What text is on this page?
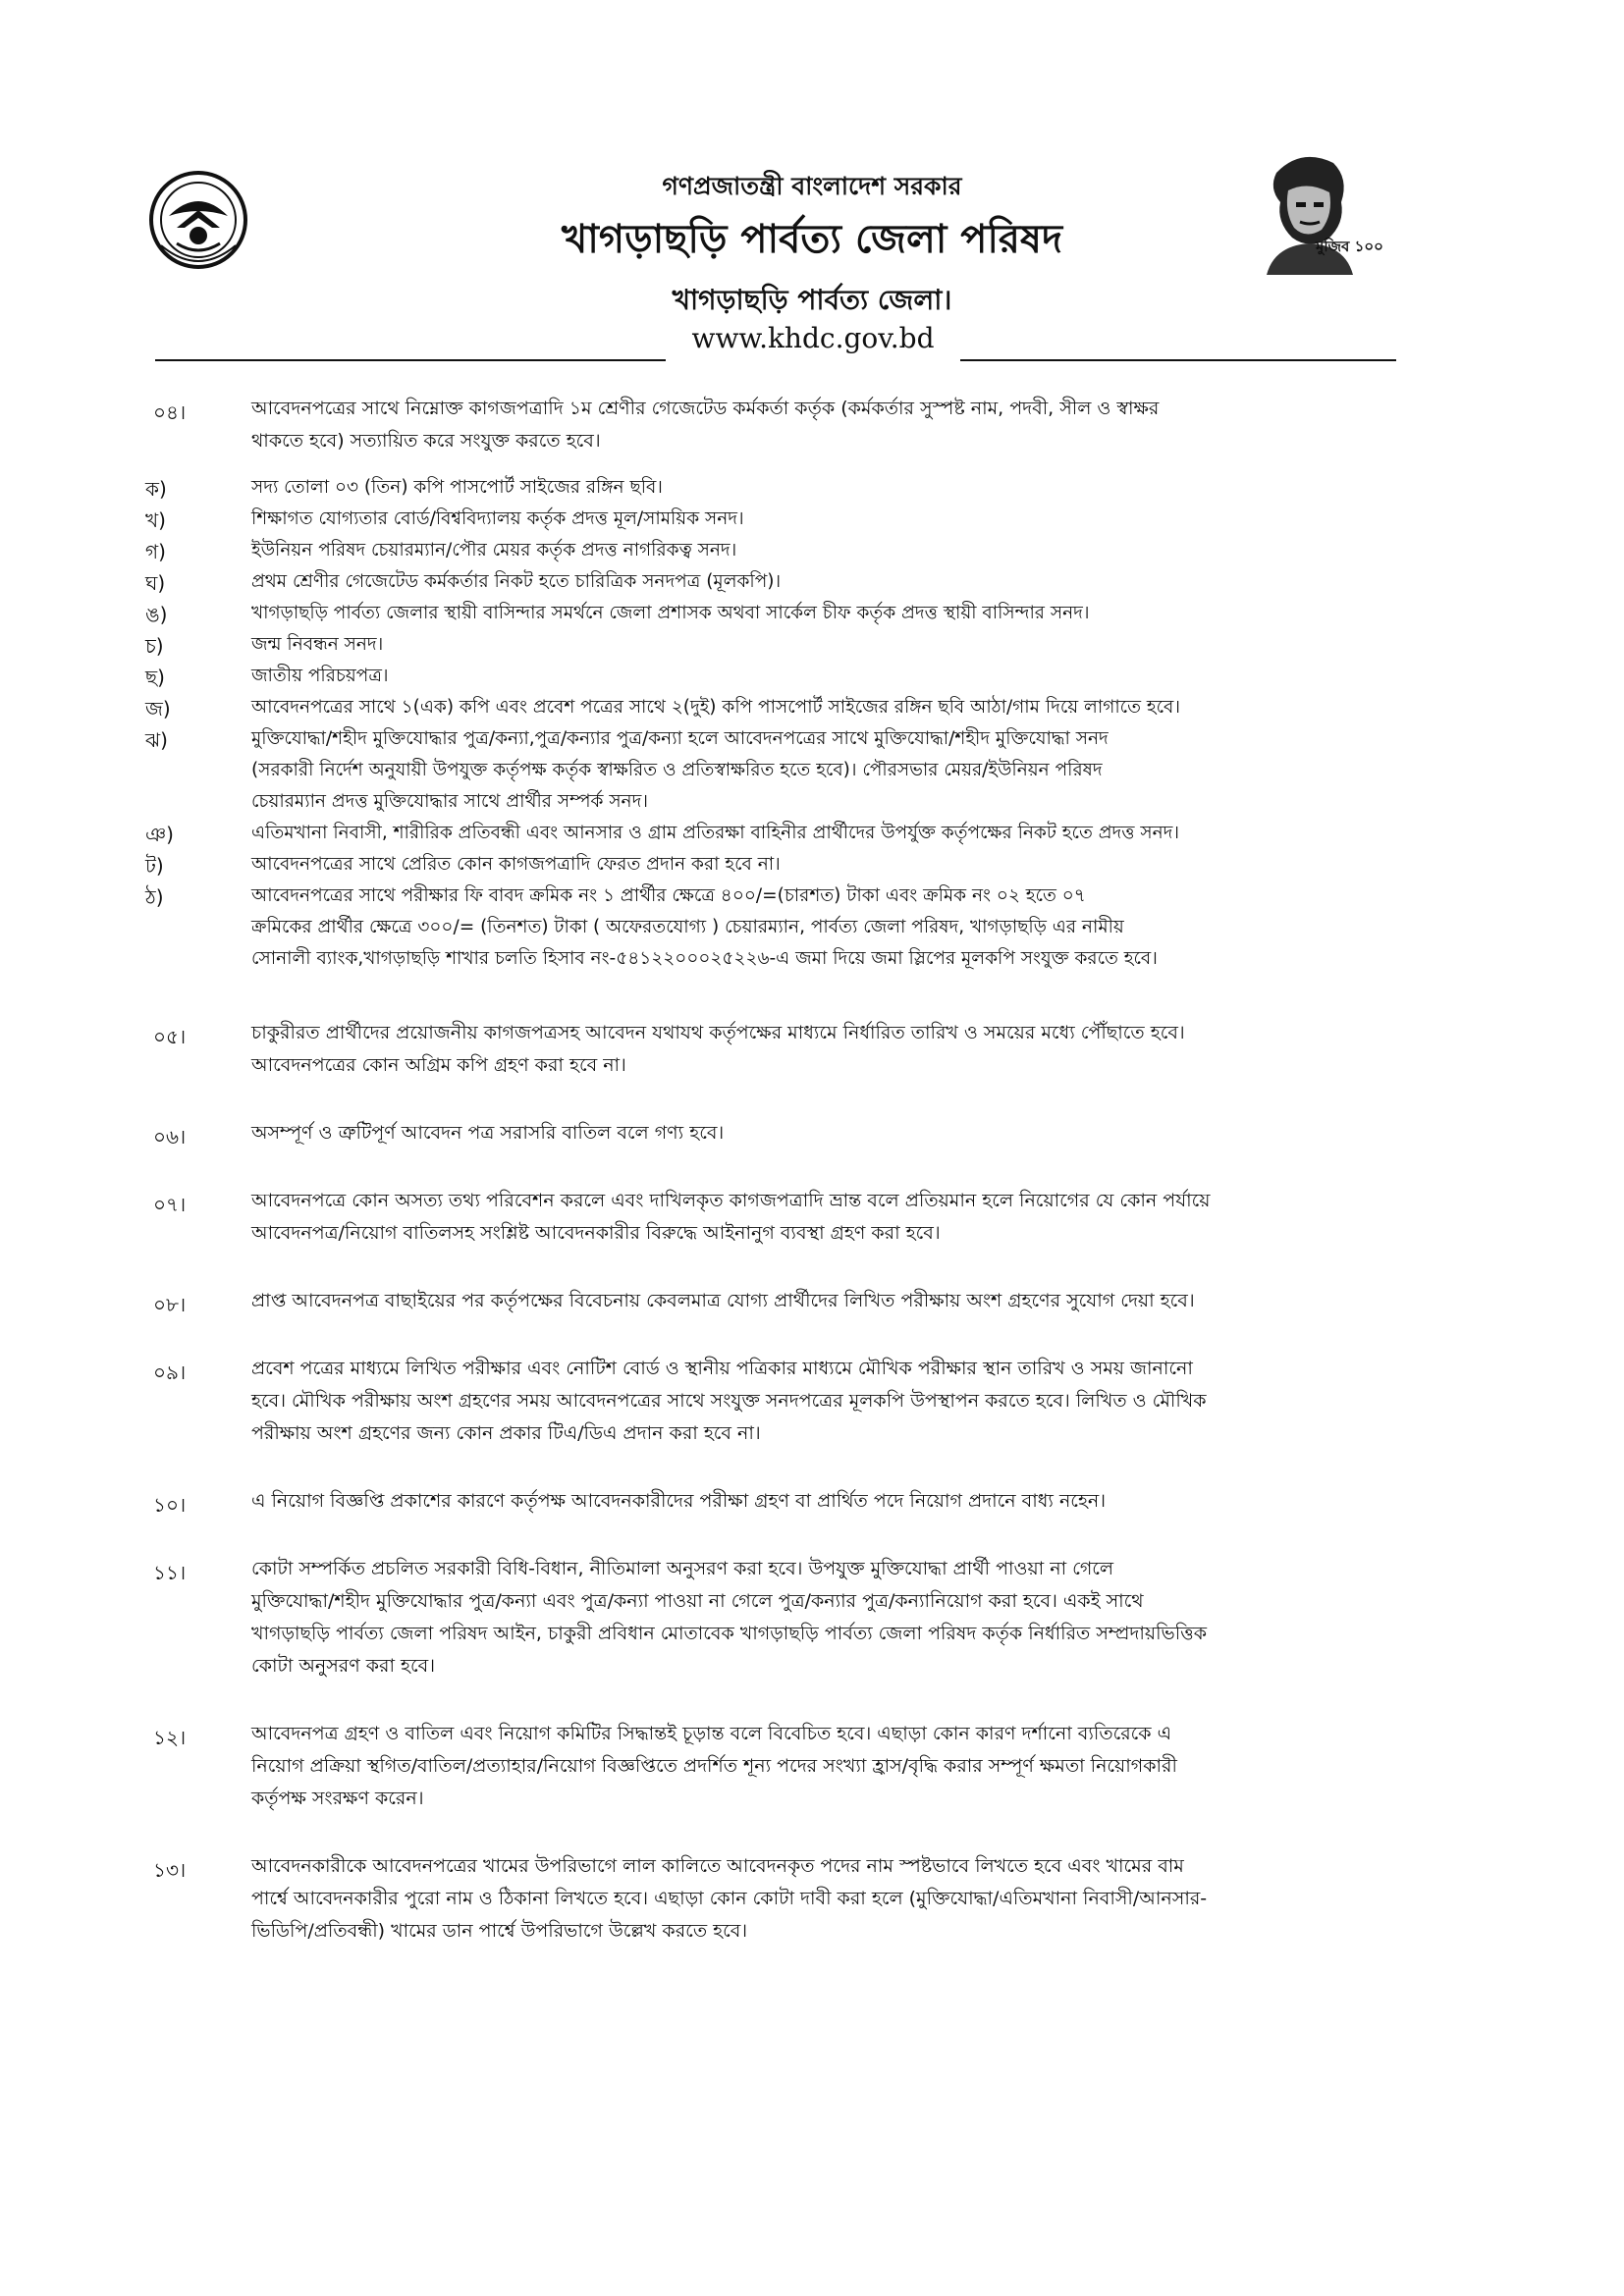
গণপ্রজাতন্ত্রী বাংলাদেশ সরকার
খাগড়াছড়ি পার্বত্য জেলা পরিষদ
খাগড়াছড়ি পার্বত্য জেলা।
মুজিব ১০০
www.khdc.gov.bd
০৪।	আবেদনপত্রের সাথে নিম্নোক্ত কাগজপত্রাদি ১ম শ্রেণীর গেজেটেড কর্মকর্তা কর্তৃক (কর্মকর্তার সুস্পষ্ট নাম, পদবী, সীল ও স্বাক্ষর
থাকতে হবে) সত্যায়িত করে সংযুক্ত করতে হবে।
ক)	সদ্য তোলা ০৩ (তিন) কপি পাসপোর্ট সাইজের রঙ্গিন ছবি।
খ)	শিক্ষাগত যোগ্যতার বোর্ড/বিশ্ববিদ্যালয় কর্তৃক প্রদত্ত মূল/সাময়িক সনদ।
গ)	ইউনিয়ন পরিষদ চেয়ারম্যান/পৌর মেয়র কর্তৃক প্রদত্ত নাগরিকত্ব সনদ।
ঘ)	প্রথম শ্রেণীর গেজেটেড কর্মকর্তার নিকট হতে চারিত্রিক সনদপত্র (মূলকপি)।
ঙ)	খাগড়াছড়ি পার্বত্য জেলার স্থায়ী বাসিন্দার সমর্থনে জেলা প্রশাসক অথবা সার্কেল চীফ কর্তৃক প্রদত্ত স্থায়ী বাসিন্দার সনদ।
চ)	জন্ম নিবন্ধন সনদ।
ছ)	জাতীয় পরিচয়পত্র।
জ)	আবেদনপত্রের সাথে ১(এক) কপি এবং প্রবেশ পত্রের সাথে ২(দুই) কপি পাসপোর্ট সাইজের রঙ্গিন ছবি আঠা/গাম দিয়ে লাগাতে হবে।
ঝ)	মুক্তিযোদ্ধা/শহীদ মুক্তিযোদ্ধার পুত্র/কন্যা,পুত্র/কন্যার পুত্র/কন্যা হলে আবেদনপত্রের সাথে মুক্তিযোদ্ধা/শহীদ মুক্তিযোদ্ধা সনদ
(সরকারী নির্দেশ অনুযায়ী উপযুক্ত কর্তৃপক্ষ কর্তৃক স্বাক্ষরিত ও প্রতিস্বাক্ষরিত হতে হবে)। পৌরসভার মেয়র/ইউনিয়ন পরিষদ
চেয়ারম্যান প্রদত্ত মুক্তিযোদ্ধার সাথে প্রার্থীর সম্পর্ক সনদ।
ঞ)	এতিমখানা নিবাসী, শারীরিক প্রতিবন্ধী এবং আনসার ও গ্রাম প্রতিরক্ষা বাহিনীর প্রার্থীদের উপর্যুক্ত কর্তৃপক্ষের নিকট হতে প্রদত্ত সনদ।
ট)	আবেদনপত্রের সাথে প্রেরিত কোন কাগজপত্রাদি ফেরত প্রদান করা হবে না।
ঠ)	আবেদনপত্রের সাথে পরীক্ষার ফি বাবদ ক্রমিক নং ১ প্রার্থীর ক্ষেত্রে ৪০০/=(চারশত) টাকা এবং ক্রমিক নং ০২ হতে ০৭
ক্রমিকের প্রার্থীর ক্ষেত্রে ৩০০/= (তিনশত) টাকা ( অফেরতযোগ্য ) চেয়ারম্যান, পার্বত্য জেলা পরিষদ, খাগড়াছড়ি এর নামীয়
সোনালী ব্যাংক,খাগড়াছড়ি শাখার চলতি হিসাব নং-৫৪১২২০০০২৫২২৬-এ জমা দিয়ে জমা স্লিপের মূলকপি সংযুক্ত করতে হবে।
০৫।	চাকুরীরত প্রার্থীদের প্রয়োজনীয় কাগজপত্রসহ আবেদন যথাযথ কর্তৃপক্ষের মাধ্যমে নির্ধারিত তারিখ ও সময়ের মধ্যে পৌঁছাতে হবে।
আবেদনপত্রের কোন অগ্রিম কপি গ্রহণ করা হবে না।
০৬।	অসম্পূর্ণ ও ত্রুটিপূর্ণ আবেদন পত্র সরাসরি বাতিল বলে গণ্য হবে।
০৭।	আবেদনপত্রে কোন অসত্য তথ্য পরিবেশন করলে এবং দাখিলকৃত কাগজপত্রাদি ভ্রান্ত বলে প্রতিয়মান হলে নিয়োগের যে কোন পর্যায়ে
আবেদনপত্র/নিয়োগ বাতিলসহ সংশ্লিষ্ট আবেদনকারীর বিরুদ্ধে আইনানুগ ব্যবস্থা গ্রহণ করা হবে।
০৮।	প্রাপ্ত আবেদনপত্র বাছাইয়ের পর কর্তৃপক্ষের বিবেচনায় কেবলমাত্র যোগ্য প্রার্থীদের লিখিত পরীক্ষায় অংশ গ্রহণের সুযোগ দেয়া হবে।
০৯।	প্রবেশ পত্রের মাধ্যমে লিখিত পরীক্ষার এবং নোটিশ বোর্ড ও স্থানীয় পত্রিকার মাধ্যমে মৌখিক পরীক্ষার স্থান তারিখ ও সময় জানানো
হবে। মৌখিক পরীক্ষায় অংশ গ্রহণের সময় আবেদনপত্রের সাথে সংযুক্ত সনদপত্রের মূলকপি উপস্থাপন করতে হবে। লিখিত ও মৌখিক
পরীক্ষায় অংশ গ্রহণের জন্য কোন প্রকার টিএ/ডিএ প্রদান করা হবে না।
১০।	এ নিয়োগ বিজ্ঞপ্তি প্রকাশের কারণে কর্তৃপক্ষ আবেদনকারীদের পরীক্ষা গ্রহণ বা প্রার্থিত পদে নিয়োগ প্রদানে বাধ্য নহেন।
১১।	কোটা সম্পর্কিত প্রচলিত সরকারী বিধি-বিধান, নীতিমালা অনুসরণ করা হবে। উপযুক্ত মুক্তিযোদ্ধা প্রার্থী পাওয়া না গেলে
মুক্তিযোদ্ধা/শহীদ মুক্তিযোদ্ধার পুত্র/কন্যা এবং পুত্র/কন্যা পাওয়া না গেলে পুত্র/কন্যার পুত্র/কন্যানিয়োগ করা হবে। একই সাথে
খাগড়াছড়ি পার্বত্য জেলা পরিষদ আইন, চাকুরী প্রবিধান মোতাবেক খাগড়াছড়ি পার্বত্য জেলা পরিষদ কর্তৃক নির্ধারিত সম্প্রদায়ভিত্তিক
কোটা অনুসরণ করা হবে।
১২।	আবেদনপত্র গ্রহণ ও বাতিল এবং নিয়োগ কমিটির সিদ্ধান্তই চূড়ান্ত বলে বিবেচিত হবে। এছাড়া কোন কারণ দর্শানো ব্যতিরেকে এ
নিয়োগ প্রক্রিয়া স্থগিত/বাতিল/প্রত্যাহার/নিয়োগ বিজ্ঞপ্তিতে প্রদর্শিত শূন্য পদের সংখ্যা হ্রাস/বৃদ্ধি করার সম্পূর্ণ ক্ষমতা নিয়োগকারী
কর্তৃপক্ষ সংরক্ষণ করেন।
১৩।	আবেদনকারীকে আবেদনপত্রের খামের উপরিভাগে লাল কালিতে আবেদনকৃত পদের নাম স্পষ্টভাবে লিখতে হবে এবং খামের বাম
পার্শ্বে আবেদনকারীর পুরো নাম ও ঠিকানা লিখতে হবে। এছাড়া কোন কোটা দাবী করা হলে (মুক্তিযোদ্ধা/এতিমখানা নিবাসী/আনসার-
ভিডিপি/প্রতিবন্ধী) খামের ডান পার্শ্বে উপরিভাগে উল্লেখ করতে হবে।
